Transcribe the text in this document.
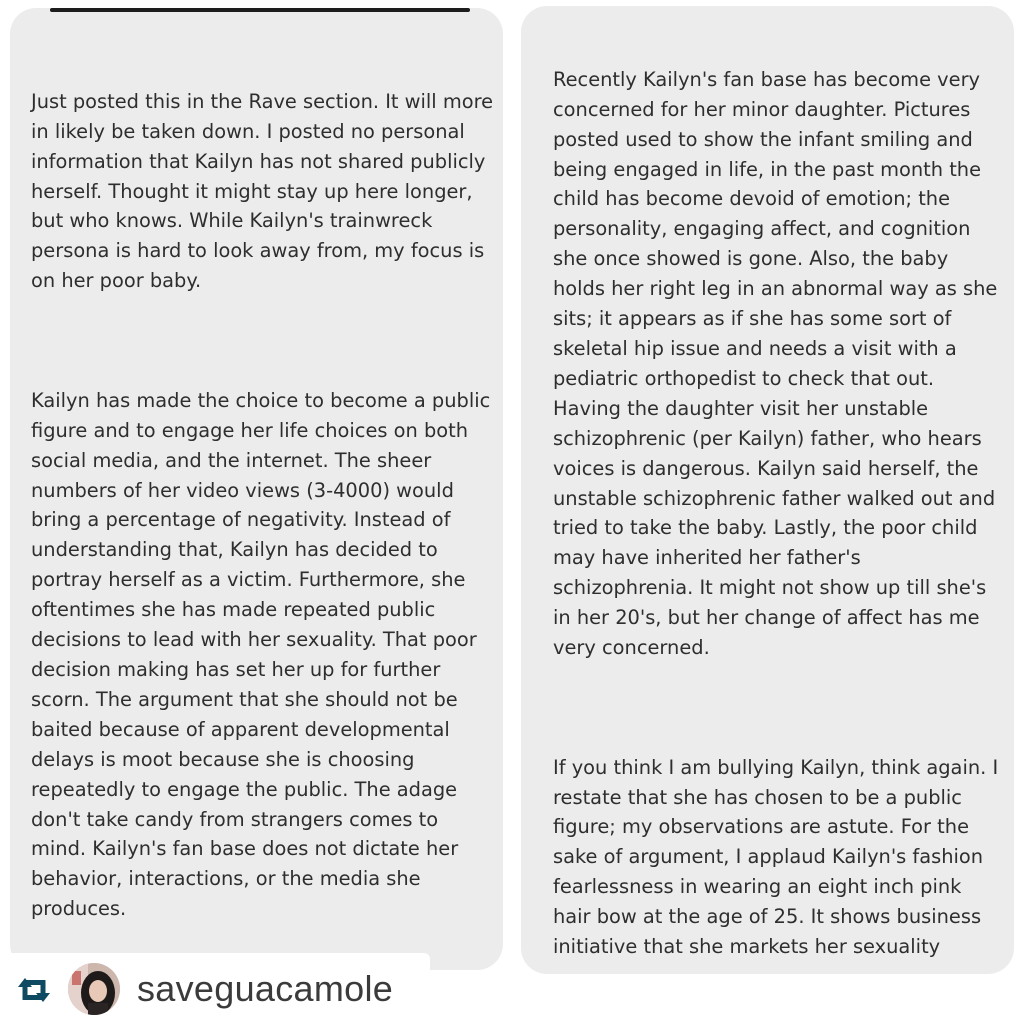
Just posted this in the Rave section. It will more in likely be taken down. I posted no personal information that Kailyn has not shared publicly herself. Thought it might stay up here longer, but who knows. While Kailyn's trainwreck persona is hard to look away from, my focus is on her poor baby.

Kailyn has made the choice to become a public figure and to engage her life choices on both social media, and the internet. The sheer numbers of her video views (3-4000) would bring a percentage of negativity. Instead of understanding that, Kailyn has decided to portray herself as a victim. Furthermore, she oftentimes she has made repeated public decisions to lead with her sexuality. That poor decision making has set her up for further scorn. The argument that she should not be baited because of apparent developmental delays is moot because she is choosing repeatedly to engage the public. The adage don't take candy from strangers comes to mind. Kailyn's fan base does not dictate her behavior, interactions, or the media she produces.

Recently Kailyn's fan base has become very concerned for her minor daughter. Pictures posted used to show the infant smiling and being engaged in life, in the past month the child has become devoid of emotion; the personality, engaging affect, and cognition she once showed is gone. Also, the baby holds her right leg in an abnormal way as she sits; it appears as if she has some sort of skeletal hip issue and needs a visit with a pediatric orthopedist to check that out. Having the daughter visit her unstable schizophrenic (per Kailyn) father, who hears voices is dangerous. Kailyn said herself, the unstable schizophrenic father walked out and tried to take the baby. Lastly, the poor child may have inherited her father's schizophrenia. It might not show up till she's in her 20's, but her change of affect has me very concerned.

If you think I am bullying Kailyn, think again. I restate that she has chosen to be a public figure; my observations are astute. For the sake of argument, I applaud Kailyn's fashion fearlessness in wearing an eight inch pink hair bow at the age of 25. It shows business initiative that she markets her sexuality

saveguacamole
